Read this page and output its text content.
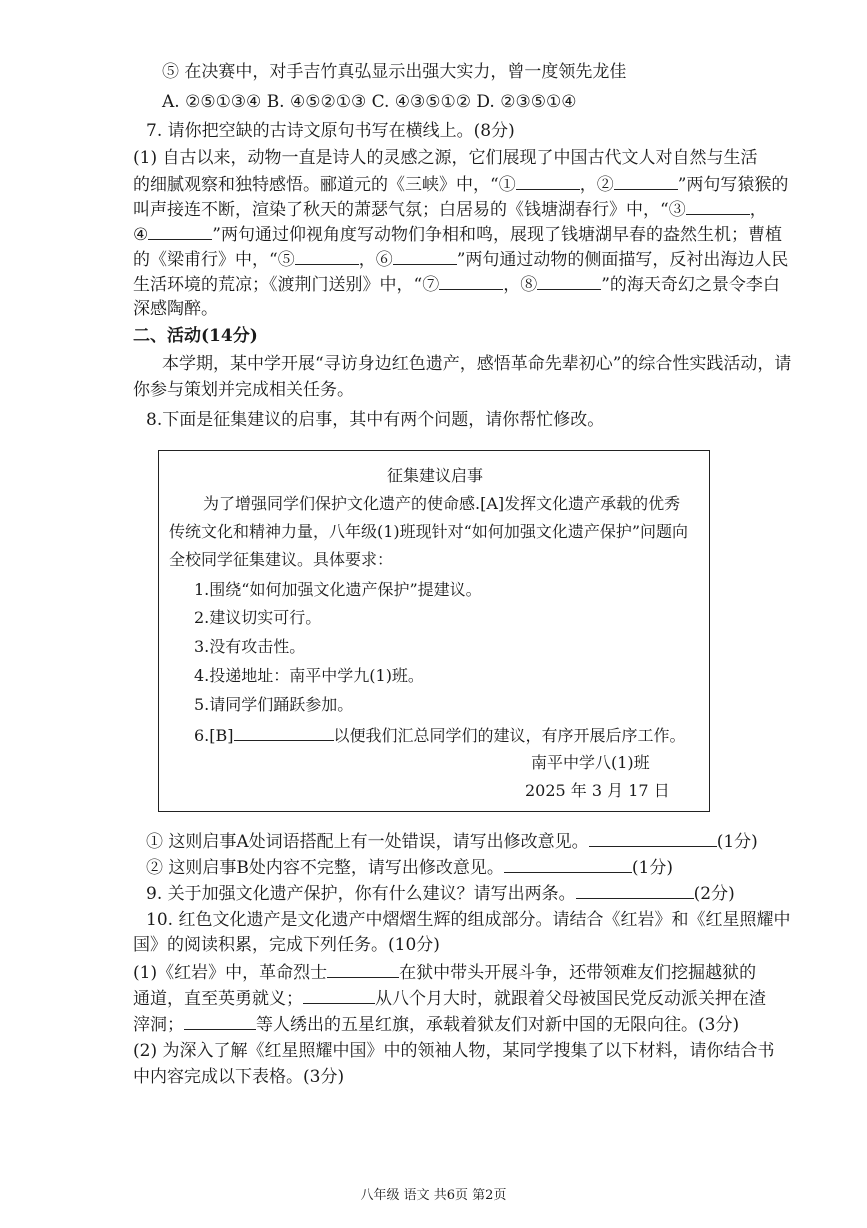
⑤ 在决赛中，对手吉竹真弘显示出强大实力，曾一度领先龙佳
A. ②⑤①③④ B. ④⑤②①③ C. ④③⑤①② D. ②③⑤①④
7. 请你把空缺的古诗文原句书写在横线上。(8分)
(1) 自古以来，动物一直是诗人的灵感之源，它们展现了中国古代文人对自然与生活
的细腻观察和独特感悟。郦道元的《三峡》中，“①	，②	”两句写猿猴的
叫声接连不断，渲染了秋天的萧瑟气氛；白居易的《钱塘湖春行》中，“③	，
④	”两句通过仰视角度写动物们争相和鸣，展现了钱塘湖早春的盎然生机；曹植
的《梁甫行》中，“⑤	，⑥	”两句通过动物的侧面描写，反衬出海边人民
生活环境的荒凉；《渡荆门送别》中，“⑦	，⑧	”的海天奇幻之景令李白
深感陶醉。
二、活动(14分)
本学期，某中学开展“寻访身边红色遗产，感悟革命先辈初心”的综合性实践活动，请
你参与策划并完成相关任务。
8.下面是征集建议的启事，其中有两个问题，请你帮忙修改。
征集建议启事
为了增强同学们保护文化遗产的使命感.[A]发挥文化遗产承载的优秀
传统文化和精神力量，八年级(1)班现针对“如何加强文化遗产保护”问题向
全校同学征集建议。具体要求：
1.围绕“如何加强文化遗产保护”提建议。
2.建议切实可行。
3.没有攻击性。
4.投递地址：南平中学九(1)班。
5.请同学们踊跃参加。
6.[B]	以便我们汇总同学们的建议，有序开展后序工作。
南平中学八(1)班
2025 年 3 月 17 日
① 这则启事A处词语搭配上有一处错误，请写出修改意见。	(1分)
② 这则启事B处内容不完整，请写出修改意见。	(1分)
9. 关于加强文化遗产保护，你有什么建议？请写出两条。	(2分)
10. 红色文化遗产是文化遗产中熠熠生辉的组成部分。请结合《红岩》和《红星照耀中
国》的阅读积累，完成下列任务。(10分)
(1)《红岩》中，革命烈士	在狱中带头开展斗争，还带领难友们挖掘越狱的
通道，直至英勇就义；	从八个月大时，就跟着父母被国民党反动派关押在渣
滓洞；	等人绣出的五星红旗，承载着狱友们对新中国的无限向往。(3分)
(2) 为深入了解《红星照耀中国》中的领袖人物，某同学搜集了以下材料，请你结合书
中内容完成以下表格。(3分)
八年级 语文 共6页 第2页
